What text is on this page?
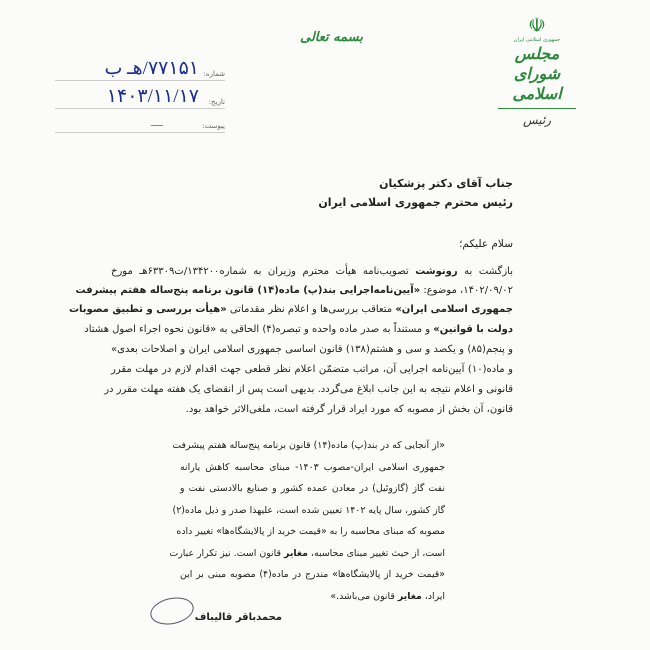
☫
جمهوری اسلامی ایران
مجلس شورای اسلامی
رئیس
بسمه تعالی
شماره:
۷۷۱۵۱/هـ ب
تاریخ:
۱۴۰۳/۱۱/۱۷
پیوست:
—
جناب آقای دکتر پزشکیان
رئیس محترم جمهوری اسلامی ایران
سلام علیکم؛
بازگشت به رونوشت تصویب‌نامه هیأت محترم وزیران به شماره۱۳۴۲۰۰/ت۶۳۳۰۹هـ مورخ
۱۴۰۲/۰۹/۰۲، موضوع: «آیین‌نامه‌اجرایی بند(پ) ماده(۱۴) قانون برنامه پنج‌ساله هفتم پیشرفت
جمهوری اسلامی ایران» متعاقب بررسی‌ها و اعلام نظر مقدماتی «هیأت بررسی و تطبیق مصوبات
دولت با قوانین» و مستنداً به صدر ماده واحده و تبصره(۴) الحاقی به «قانون نحوه اجراء اصول هشتاد
و پنجم(۸۵) و یکصد و سی و هشتم(۱۳۸) قانون اساسی جمهوری اسلامی ایران و اصلاحات بعدی»
و ماده(۱۰) آیین‌نامه اجرایی آن، مراتب متضمّن اعلام نظر قطعی جهت اقدام لازم در مهلت مقرر
قانونی و اعلام نتیجه به این جانب ابلاغ می‌گردد. بدیهی است پس از انقضای یک هفته مهلت مقرر در
قانون، آن بخش از مصوبه که مورد ایراد قرار گرفته است، ملغی‌الاثر خواهد بود.
«از آنجایی که در بند(پ) ماده(۱۴) قانون برنامه پنج‌ساله هفتم پیشرفت
جمهوری اسلامی ایران-مصوب ۱۴۰۳- مبنای محاسبه کاهش یارانه
نفت گاز (گازوئیل) در معادن عمده کشور و صنایع بالادستی نفت و
گاز کشور، سال پایه ۱۴۰۲ تعیین شده است، علیهذا صدر و ذیل ماده(۲)
مصوبه که مبنای محاسبه را به «قیمت خرید از پالایشگاه‌ها» تغییر داده
است، از حیث تغییر مبنای محاسبه، مغایر قانون است. نیز تکرار عبارت
«قیمت خرید از پالایشگاه‌ها» مندرج در ماده(۴) مصوبه مبنی بر این
ایراد، مغایر قانون می‌باشد.»
محمدباقر قالیباف
